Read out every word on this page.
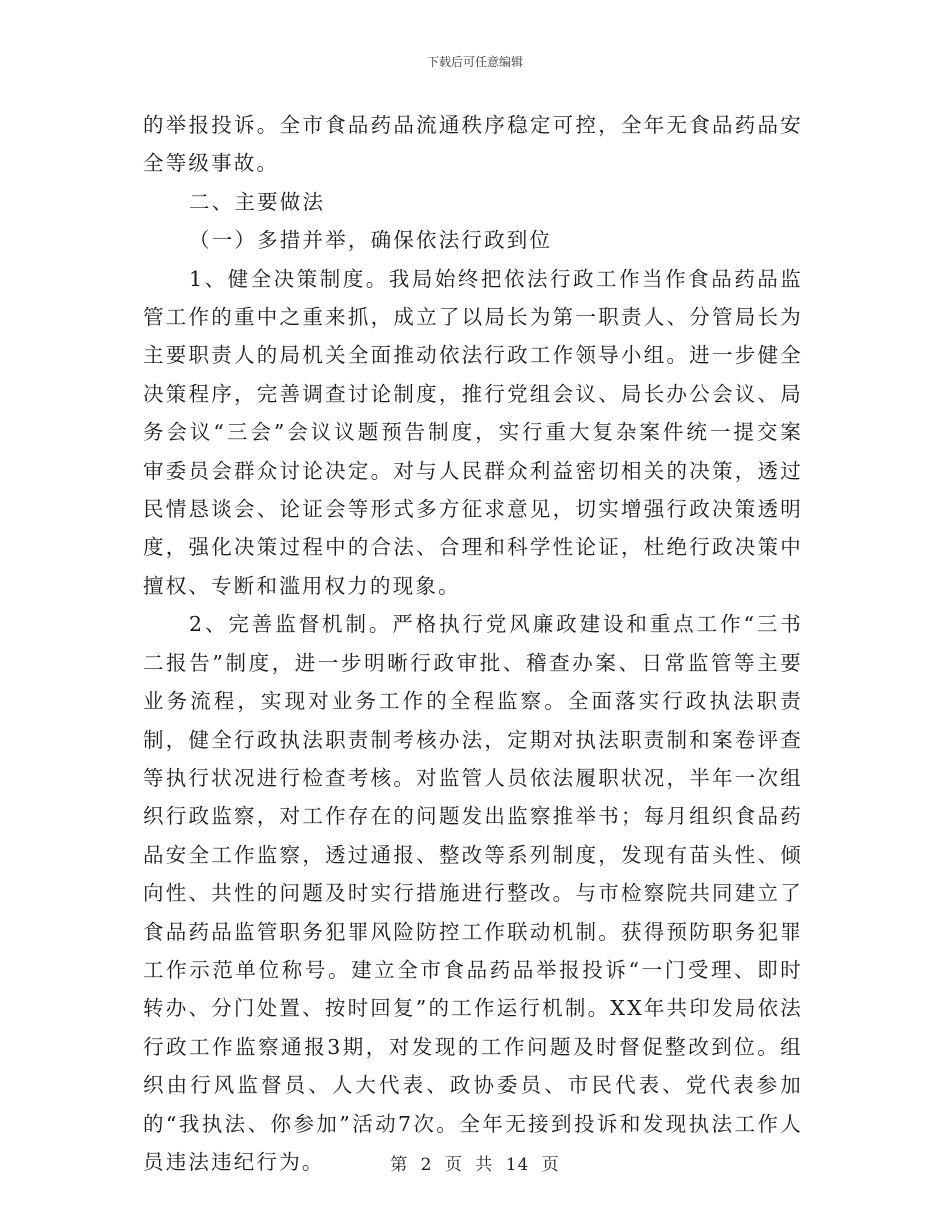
下载后可任意编辑

的举报投诉。全市食品药品流通秩序稳定可控，全年无食品药品安全等级事故。

二、主要做法

（一）多措并举，确保依法行政到位

1、健全决策制度。我局始终把依法行政工作当作食品药品监管工作的重中之重来抓，成立了以局长为第一职责人、分管局长为主要职责人的局机关全面推动依法行政工作领导小组。进一步健全决策程序，完善调查讨论制度，推行党组会议、局长办公会议、局务会议“三会”会议议题预告制度，实行重大复杂案件统一提交案审委员会群众讨论决定。对与人民群众利益密切相关的决策，透过民情恳谈会、论证会等形式多方征求意见，切实增强行政决策透明度，强化决策过程中的合法、合理和科学性论证，杜绝行政决策中擅权、专断和滥用权力的现象。

2、完善监督机制。严格执行党风廉政建设和重点工作“三书二报告”制度，进一步明晰行政审批、稽查办案、日常监管等主要业务流程，实现对业务工作的全程监察。全面落实行政执法职责制，健全行政执法职责制考核办法，定期对执法职责制和案卷评查等执行状况进行检查考核。对监管人员依法履职状况，半年一次组织行政监察，对工作存在的问题发出监察推举书；每月组织食品药品安全工作监察，透过通报、整改等系列制度，发现有苗头性、倾向性、共性的问题及时实行措施进行整改。与市检察院共同建立了食品药品监管职务犯罪风险防控工作联动机制。获得预防职务犯罪工作示范单位称号。建立全市食品药品举报投诉“一门受理、即时转办、分门处置、按时回复”的工作运行机制。XX年共印发局依法行政工作监察通报3期，对发现的工作问题及时督促整改到位。组织由行风监督员、人大代表、政协委员、市民代表、党代表参加的“我执法、你参加”活动7次。全年无接到投诉和发现执法工作人员违法违纪行为。	第 2 页 共 14 页
